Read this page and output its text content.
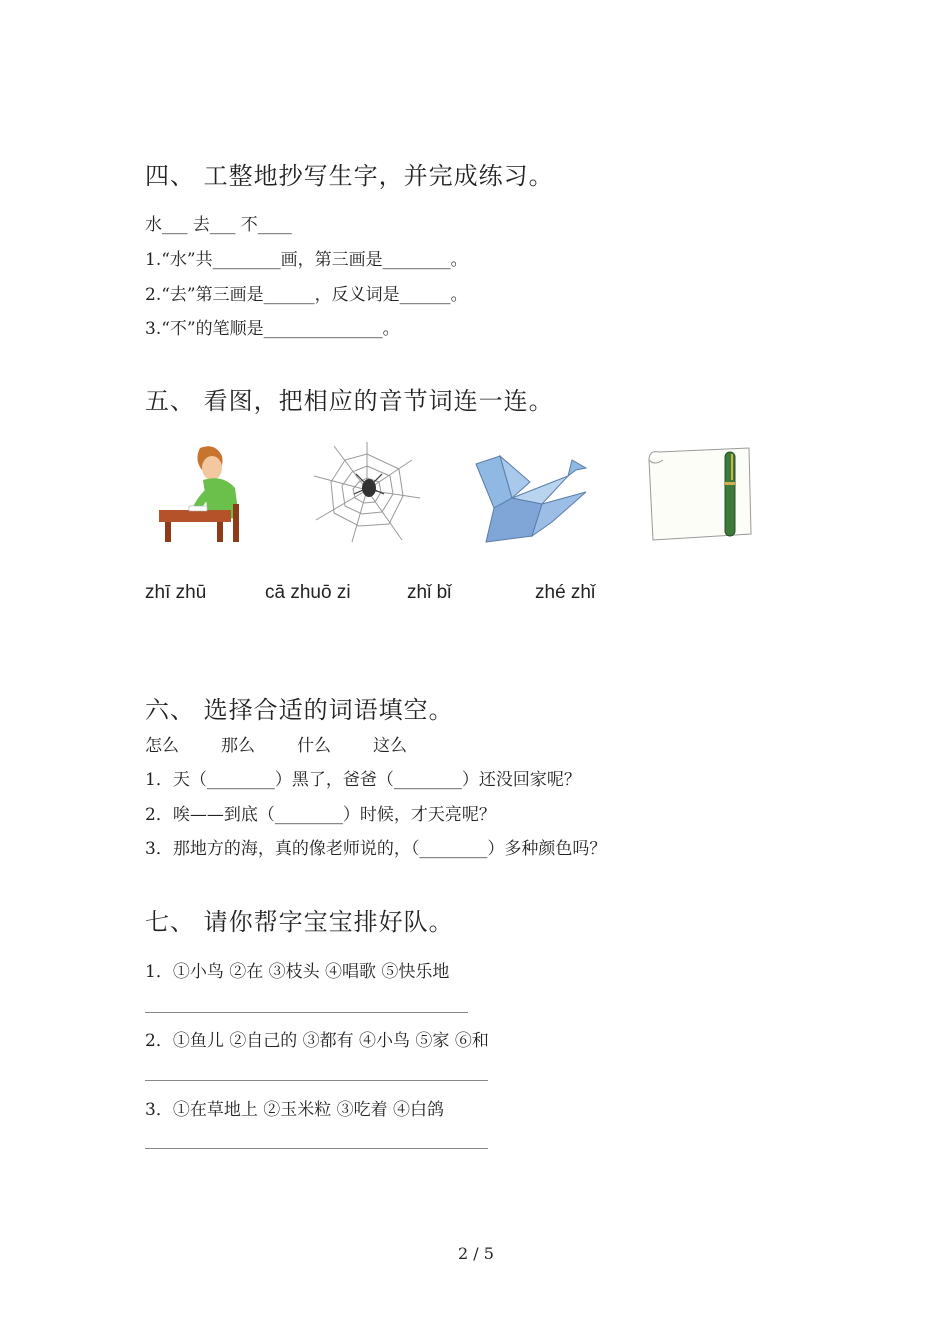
四、 工整地抄写生字，并完成练习。
水___ 去___ 不____
1.“水”共________画，第三画是________。
2.“去”第三画是______，反义词是______。
3.“不”的笔顺是______________。
五、 看图，把相应的音节词连一连。
zhī zhū	cā zhuō zi	zhǐ bǐ	zhé zhǐ
六、 选择合适的词语填空。
怎么 那么 什么 这么
1．天（________）黑了，爸爸（________）还没回家呢？
2．唉——到底（________）时候，才天亮呢？
3．那地方的海，真的像老师说的，（________）多种颜色吗？
七、 请你帮字宝宝排好队。
1．①小鸟 ②在 ③枝头 ④唱歌 ⑤快乐地
2．①鱼儿 ②自己的 ③都有 ④小鸟 ⑤家 ⑥和
3．①在草地上 ②玉米粒 ③吃着 ④白鸽
2 / 5
